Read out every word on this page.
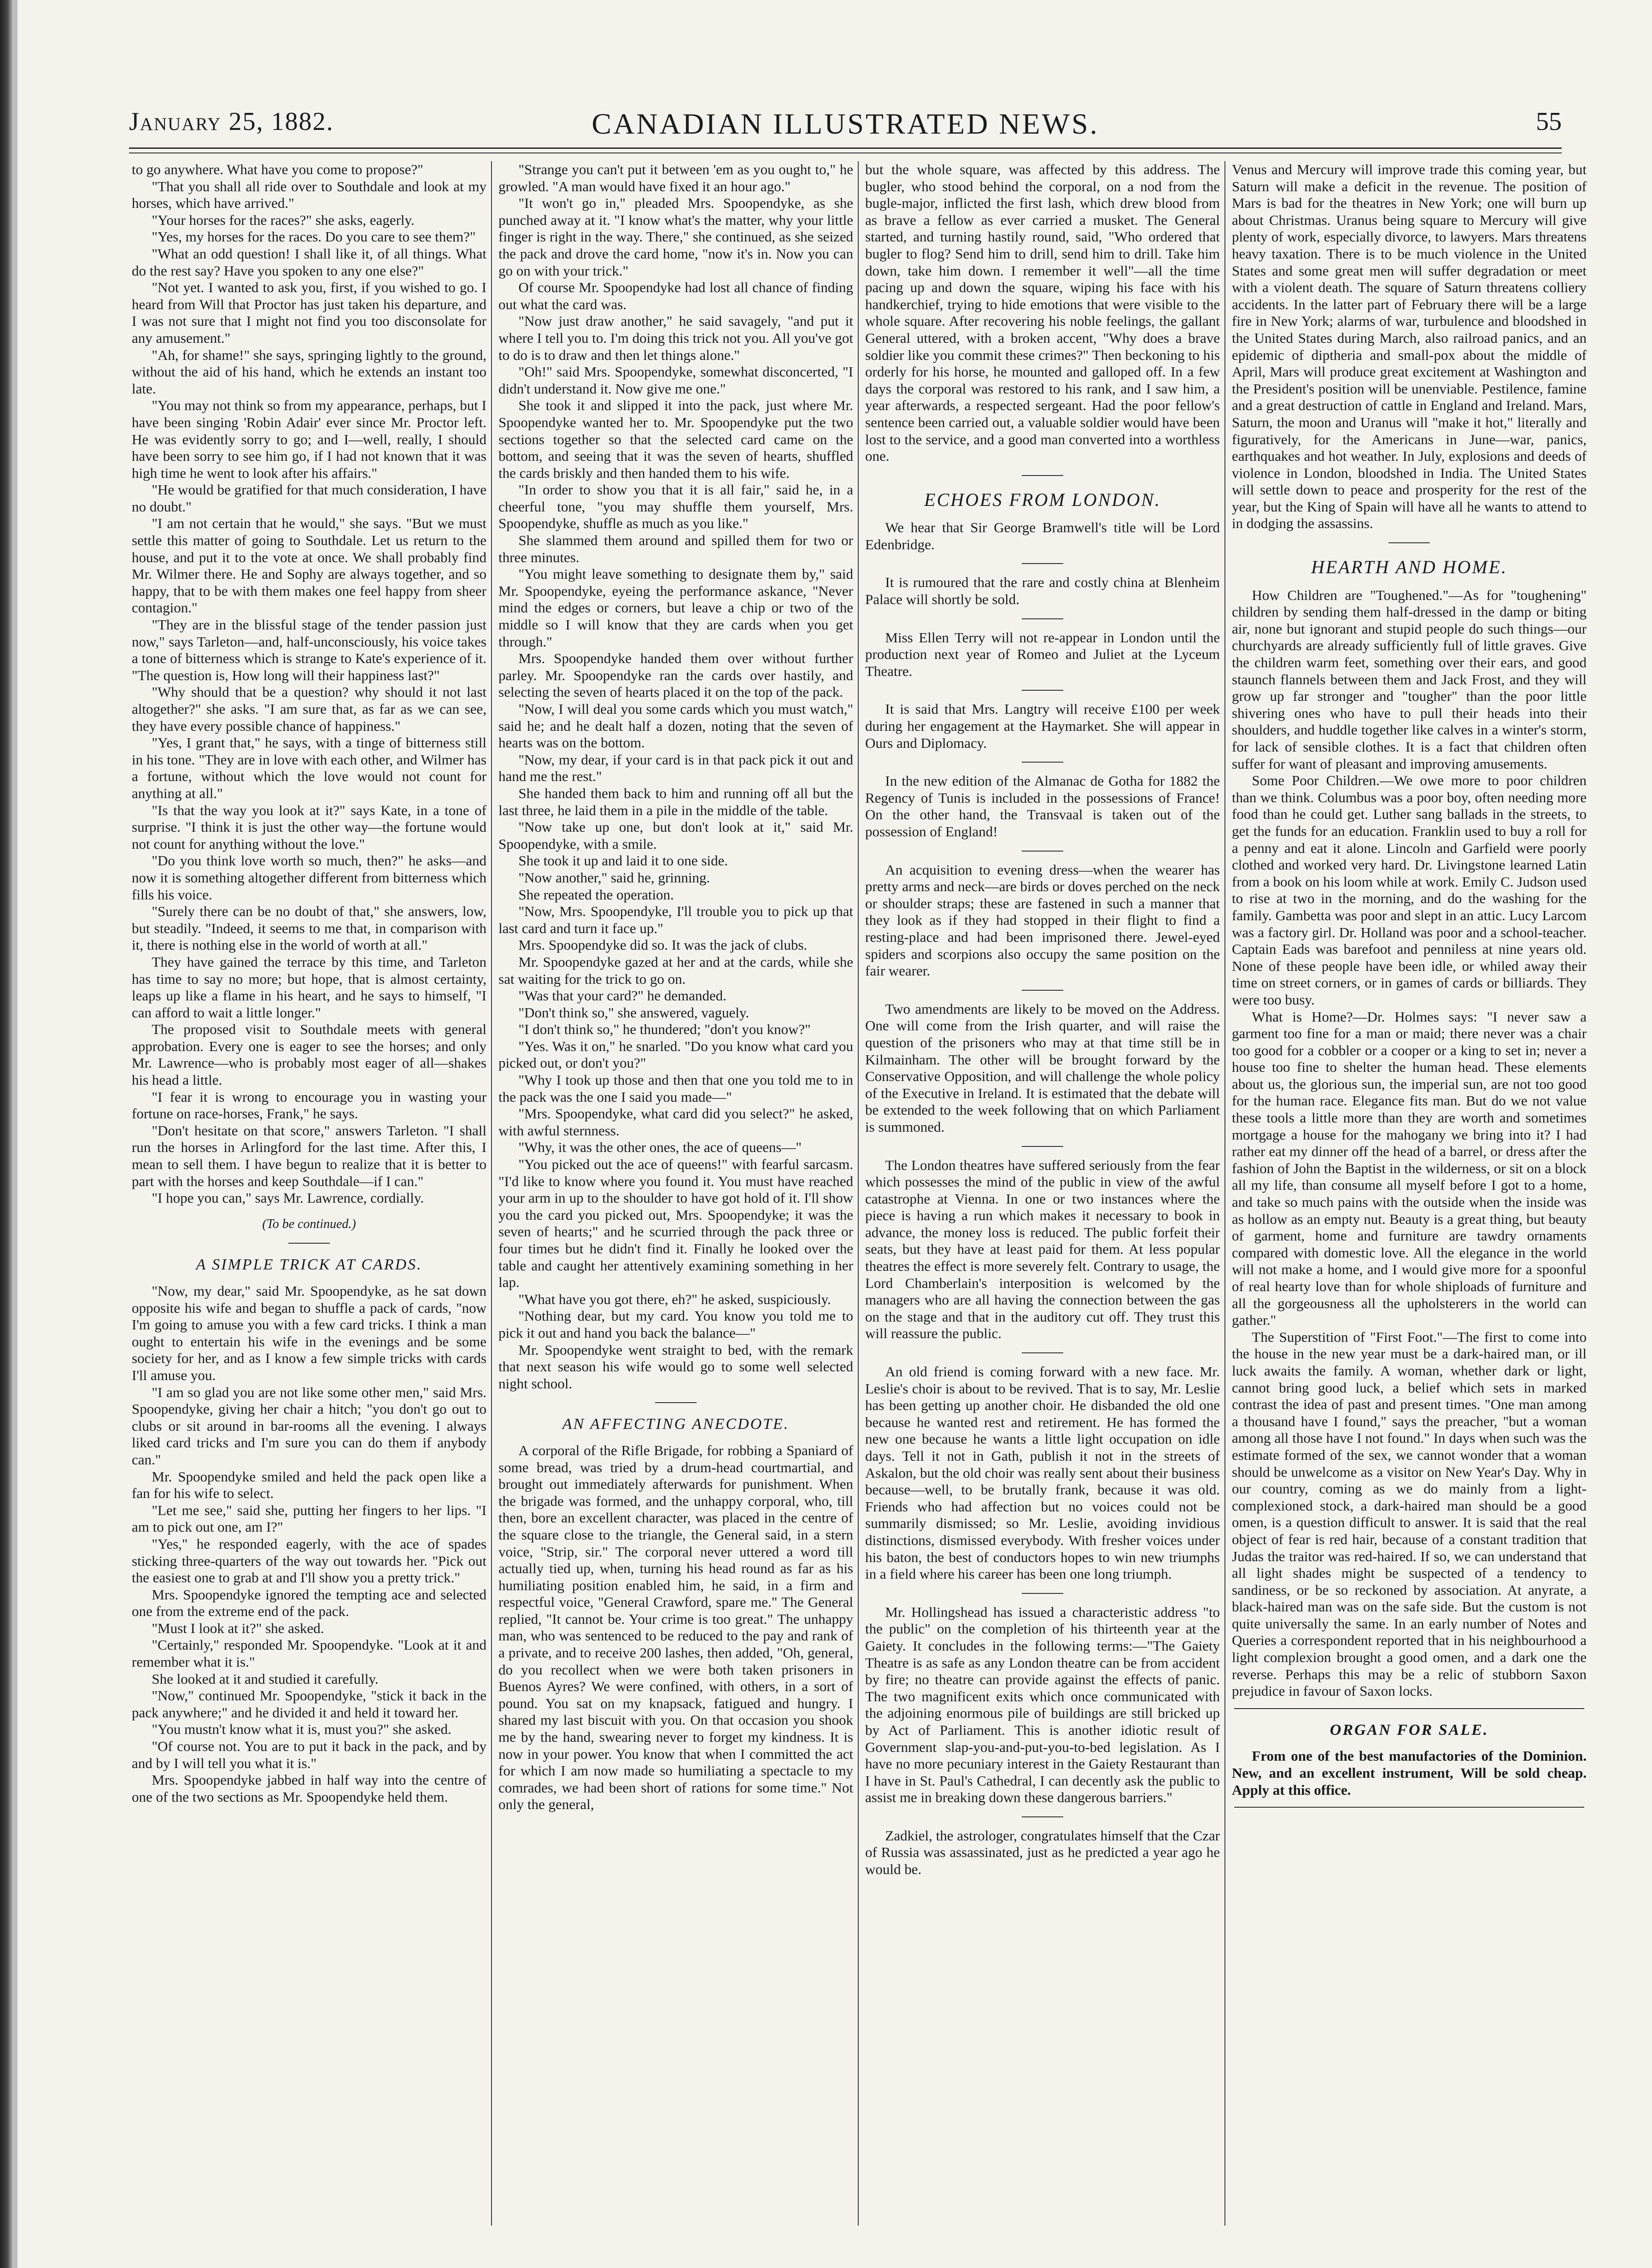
CANADIAN ILLUSTRATED NEWS.
January 25, 1882.	55

to go anywhere. What have you come to propose?"

"That you shall all ride over to Southdale and look at my horses, which have arrived."

"Your horses for the races?" she asks, eagerly.

"Yes, my horses for the races. Do you care to see them?"

"What an odd question! I shall like it, of all things. What do the rest say? Have you spoken to any one else?"

"Not yet. I wanted to ask you, first, if you wished to go. I heard from Will that Proctor has just taken his departure, and I was not sure that I might not find you too disconsolate for any amusement."

"Ah, for shame!" she says, springing lightly to the ground, without the aid of his hand, which he extends an instant too late.

"You may not think so from my appearance, perhaps, but I have been singing 'Robin Adair' ever since Mr. Proctor left. He was evidently sorry to go; and I—well, really, I should have been sorry to see him go, if I had not known that it was high time he went to look after his affairs."

"He would be gratified for that much consideration, I have no doubt."

"I am not certain that he would," she says. "But we must settle this matter of going to Southdale. Let us return to the house, and put it to the vote at once. We shall probably find Mr. Wilmer there. He and Sophy are always together, and so happy, that to be with them makes one feel happy from sheer contagion."

"They are in the blissful stage of the tender passion just now," says Tarleton—and, half-unconsciously, his voice takes a tone of bitterness which is strange to Kate's experience of it. "The question is, How long will their happiness last?"

"Why should that be a question? why should it not last altogether?" she asks. "I am sure that, as far as we can see, they have every possible chance of happiness."

"Yes, I grant that," he says, with a tinge of bitterness still in his tone. "They are in love with each other, and Wilmer has a fortune, without which the love would not count for anything at all."

"Is that the way you look at it?" says Kate, in a tone of surprise. "I think it is just the other way—the fortune would not count for anything without the love."

"Do you think love worth so much, then?" he asks—and now it is something altogether different from bitterness which fills his voice.

"Surely there can be no doubt of that," she answers, low, but steadily. "Indeed, it seems to me that, in comparison with it, there is nothing else in the world of worth at all."

They have gained the terrace by this time, and Tarleton has time to say no more; but hope, that is almost certainty, leaps up like a flame in his heart, and he says to himself, "I can afford to wait a little longer."

The proposed visit to Southdale meets with general approbation. Every one is eager to see the horses; and only Mr. Lawrence—who is probably most eager of all—shakes his head a little.

"I fear it is wrong to encourage you in wasting your fortune on race-horses, Frank," he says.

"Don't hesitate on that score," answers Tarleton. "I shall run the horses in Arlingford for the last time. After this, I mean to sell them. I have begun to realize that it is better to part with the horses and keep Southdale—if I can."

"I hope you can," says Mr. Lawrence, cordially.

(To be continued.)
A SIMPLE TRICK AT CARDS.

"Now, my dear," said Mr. Spoopendyke, as he sat down opposite his wife and began to shuffle a pack of cards, "now I'm going to amuse you with a few card tricks. I think a man ought to entertain his wife in the evenings and be some society for her, and as I know a few simple tricks with cards I'll amuse you.

"I am so glad you are not like some other men," said Mrs. Spoopendyke, giving her chair a hitch; "you don't go out to clubs or sit around in bar-rooms all the evening. I always liked card tricks and I'm sure you can do them if anybody can."

Mr. Spoopendyke smiled and held the pack open like a fan for his wife to select.

"Let me see," said she, putting her fingers to her lips. "I am to pick out one, am I?"

"Yes," he responded eagerly, with the ace of spades sticking three-quarters of the way out towards her. "Pick out the easiest one to grab at and I'll show you a pretty trick."

Mrs. Spoopendyke ignored the tempting ace and selected one from the extreme end of the pack.

"Must I look at it?" she asked.

"Certainly," responded Mr. Spoopendyke. "Look at it and remember what it is."

She looked at it and studied it carefully.

"Now," continued Mr. Spoopendyke, "stick it back in the pack anywhere;" and he divided it and held it toward her.

"You mustn't know what it is, must you?" she asked.

"Of course not. You are to put it back in the pack, and by and by I will tell you what it is."

Mrs. Spoopendyke jabbed in half way into the centre of one of the two sections as Mr. Spoopendyke held them.

"Strange you can't put it between 'em as you ought to," he growled. "A man would have fixed it an hour ago."

"It won't go in," pleaded Mrs. Spoopendyke, as she punched away at it. "I know what's the matter, why your little finger is right in the way. There," she continued, as she seized the pack and drove the card home, "now it's in. Now you can go on with your trick."

Of course Mr. Spoopendyke had lost all chance of finding out what the card was.

"Now just draw another," he said savagely, "and put it where I tell you to. I'm doing this trick not you. All you've got to do is to draw and then let things alone."

"Oh!" said Mrs. Spoopendyke, somewhat disconcerted, "I didn't understand it. Now give me one."

She took it and slipped it into the pack, just where Mr. Spoopendyke wanted her to. Mr. Spoopendyke put the two sections together so that the selected card came on the bottom, and seeing that it was the seven of hearts, shuffled the cards briskly and then handed them to his wife.

"In order to show you that it is all fair," said he, in a cheerful tone, "you may shuffle them yourself, Mrs. Spoopendyke, shuffle as much as you like."

She slammed them around and spilled them for two or three minutes.

"You might leave something to designate them by," said Mr. Spoopendyke, eyeing the performance askance, "Never mind the edges or corners, but leave a chip or two of the middle so I will know that they are cards when you get through."

Mrs. Spoopendyke handed them over without further parley. Mr. Spoopendyke ran the cards over hastily, and selecting the seven of hearts placed it on the top of the pack.

"Now, I will deal you some cards which you must watch," said he; and he dealt half a dozen, noting that the seven of hearts was on the bottom.

"Now, my dear, if your card is in that pack pick it out and hand me the rest."

She handed them back to him and running off all but the last three, he laid them in a pile in the middle of the table.

"Now take up one, but don't look at it," said Mr. Spoopendyke, with a smile.

She took it up and laid it to one side.

"Now another," said he, grinning.

She repeated the operation.

"Now, Mrs. Spoopendyke, I'll trouble you to pick up that last card and turn it face up."

Mrs. Spoopendyke did so. It was the jack of clubs.

Mr. Spoopendyke gazed at her and at the cards, while she sat waiting for the trick to go on.

"Was that your card?" he demanded.

"Don't think so," she answered, vaguely.

"I don't think so," he thundered; "don't you know?"

"Yes. Was it on," he snarled. "Do you know what card you picked out, or don't you?"

"Why I took up those and then that one you told me to in the pack was the one I said you made—"

"Mrs. Spoopendyke, what card did you select?" he asked, with awful sternness.

"Why, it was the other ones, the ace of queens—"

"You picked out the ace of queens!" with fearful sarcasm. "I'd like to know where you found it. You must have reached your arm in up to the shoulder to have got hold of it. I'll show you the card you picked out, Mrs. Spoopendyke; it was the seven of hearts;" and he scurried through the pack three or four times but he didn't find it. Finally he looked over the table and caught her attentively examining something in her lap.

"What have you got there, eh?" he asked, suspiciously.

"Nothing dear, but my card. You know you told me to pick it out and hand you back the balance—"

Mr. Spoopendyke went straight to bed, with the remark that next season his wife would go to some well selected night school.

AN AFFECTING ANECDOTE.

A corporal of the Rifle Brigade, for robbing a Spaniard of some bread, was tried by a drum-head courtmartial, and brought out immediately afterwards for punishment. When the brigade was formed, and the unhappy corporal, who, till then, bore an excellent character, was placed in the centre of the square close to the triangle, the General said, in a stern voice, "Strip, sir." The corporal never uttered a word till actually tied up, when, turning his head round as far as his humiliating position enabled him, he said, in a firm and respectful voice, "General Crawford, spare me." The General replied, "It cannot be. Your crime is too great." The unhappy man, who was sentenced to be reduced to the pay and rank of a private, and to receive 200 lashes, then added, "Oh, general, do you recollect when we were both taken prisoners in Buenos Ayres? We were confined, with others, in a sort of pound. You sat on my knapsack, fatigued and hungry. I shared my last biscuit with you. On that occasion you shook me by the hand, swearing never to forget my kindness. It is now in your power. You know that when I committed the act for which I am now made so humiliating a spectacle to my comrades, we had been short of rations for some time." Not only the general,

but the whole square, was affected by this address. The bugler, who stood behind the corporal, on a nod from the bugle-major, inflicted the first lash, which drew blood from as brave a fellow as ever carried a musket. The General started, and turning hastily round, said, "Who ordered that bugler to flog? Send him to drill, send him to drill. Take him down, take him down. I remember it well"—all the time pacing up and down the square, wiping his face with his handkerchief, trying to hide emotions that were visible to the whole square. After recovering his noble feelings, the gallant General uttered, with a broken accent, "Why does a brave soldier like you commit these crimes?" Then beckoning to his orderly for his horse, he mounted and galloped off. In a few days the corporal was restored to his rank, and I saw him, a year afterwards, a respected sergeant. Had the poor fellow's sentence been carried out, a valuable soldier would have been lost to the service, and a good man converted into a worthless one.

ECHOES FROM LONDON.

We hear that Sir George Bramwell's title will be Lord Edenbridge.

It is rumoured that the rare and costly china at Blenheim Palace will shortly be sold.

Miss Ellen Terry will not re-appear in London until the production next year of Romeo and Juliet at the Lyceum Theatre.

It is said that Mrs. Langtry will receive £100 per week during her engagement at the Haymarket. She will appear in Ours and Diplomacy.

In the new edition of the Almanac de Gotha for 1882 the Regency of Tunis is included in the possessions of France! On the other hand, the Transvaal is taken out of the possession of England!

An acquisition to evening dress—when the wearer has pretty arms and neck—are birds or doves perched on the neck or shoulder straps; these are fastened in such a manner that they look as if they had stopped in their flight to find a resting-place and had been imprisoned there. Jewel-eyed spiders and scorpions also occupy the same position on the fair wearer.

Two amendments are likely to be moved on the Address. One will come from the Irish quarter, and will raise the question of the prisoners who may at that time still be in Kilmainham. The other will be brought forward by the Conservative Opposition, and will challenge the whole policy of the Executive in Ireland. It is estimated that the debate will be extended to the week following that on which Parliament is summoned.

The London theatres have suffered seriously from the fear which possesses the mind of the public in view of the awful catastrophe at Vienna. In one or two instances where the piece is having a run which makes it necessary to book in advance, the money loss is reduced. The public forfeit their seats, but they have at least paid for them. At less popular theatres the effect is more severely felt. Contrary to usage, the Lord Chamberlain's interposition is welcomed by the managers who are all having the connection between the gas on the stage and that in the auditory cut off. They trust this will reassure the public.

An old friend is coming forward with a new face. Mr. Leslie's choir is about to be revived. That is to say, Mr. Leslie has been getting up another choir. He disbanded the old one because he wanted rest and retirement. He has formed the new one because he wants a little light occupation on idle days. Tell it not in Gath, publish it not in the streets of Askalon, but the old choir was really sent about their business because—well, to be brutally frank, because it was old. Friends who had affection but no voices could not be summarily dismissed; so Mr. Leslie, avoiding invidious distinctions, dismissed everybody. With fresher voices under his baton, the best of conductors hopes to win new triumphs in a field where his career has been one long triumph.

Mr. Hollingshead has issued a characteristic address "to the public" on the completion of his thirteenth year at the Gaiety. It concludes in the following terms:—"The Gaiety Theatre is as safe as any London theatre can be from accident by fire; no theatre can provide against the effects of panic. The two magnificent exits which once communicated with the adjoining enormous pile of buildings are still bricked up by Act of Parliament. This is another idiotic result of Government slap-you-and-put-you-to-bed legislation. As I have no more pecuniary interest in the Gaiety Restaurant than I have in St. Paul's Cathedral, I can decently ask the public to assist me in breaking down these dangerous barriers."

Zadkiel, the astrologer, congratulates himself that the Czar of Russia was assassinated, just as he predicted a year ago he would be.

Venus and Mercury will improve trade this coming year, but Saturn will make a deficit in the revenue. The position of Mars is bad for the theatres in New York; one will burn up about Christmas. Uranus being square to Mercury will give plenty of work, especially divorce, to lawyers. Mars threatens heavy taxation. There is to be much violence in the United States and some great men will suffer degradation or meet with a violent death. The square of Saturn threatens colliery accidents. In the latter part of February there will be a large fire in New York; alarms of war, turbulence and bloodshed in the United States during March, also railroad panics, and an epidemic of diptheria and small-pox about the middle of April, Mars will produce great excitement at Washington and the President's position will be unenviable. Pestilence, famine and a great destruction of cattle in England and Ireland. Mars, Saturn, the moon and Uranus will "make it hot," literally and figuratively, for the Americans in June—war, panics, earthquakes and hot weather. In July, explosions and deeds of violence in London, bloodshed in India. The United States will settle down to peace and prosperity for the rest of the year, but the King of Spain will have all he wants to attend to in dodging the assassins.

HEARTH AND HOME.

How Children are "Toughened."—As for "toughening" children by sending them half-dressed in the damp or biting air, none but ignorant and stupid people do such things—our churchyards are already sufficiently full of little graves. Give the children warm feet, something over their ears, and good staunch flannels between them and Jack Frost, and they will grow up far stronger and "tougher" than the poor little shivering ones who have to pull their heads into their shoulders, and huddle together like calves in a winter's storm, for lack of sensible clothes. It is a fact that children often suffer for want of pleasant and improving amusements.

Some Poor Children.—We owe more to poor children than we think. Columbus was a poor boy, often needing more food than he could get. Luther sang ballads in the streets, to get the funds for an education. Franklin used to buy a roll for a penny and eat it alone. Lincoln and Garfield were poorly clothed and worked very hard. Dr. Livingstone learned Latin from a book on his loom while at work. Emily C. Judson used to rise at two in the morning, and do the washing for the family. Gambetta was poor and slept in an attic. Lucy Larcom was a factory girl. Dr. Holland was poor and a school-teacher. Captain Eads was barefoot and penniless at nine years old. None of these people have been idle, or whiled away their time on street corners, or in games of cards or billiards. They were too busy.

What is Home?—Dr. Holmes says: "I never saw a garment too fine for a man or maid; there never was a chair too good for a cobbler or a cooper or a king to set in; never a house too fine to shelter the human head. These elements about us, the glorious sun, the imperial sun, are not too good for the human race. Elegance fits man. But do we not value these tools a little more than they are worth and sometimes mortgage a house for the mahogany we bring into it? I had rather eat my dinner off the head of a barrel, or dress after the fashion of John the Baptist in the wilderness, or sit on a block all my life, than consume all myself before I got to a home, and take so much pains with the outside when the inside was as hollow as an empty nut. Beauty is a great thing, but beauty of garment, home and furniture are tawdry ornaments compared with domestic love. All the elegance in the world will not make a home, and I would give more for a spoonful of real hearty love than for whole shiploads of furniture and all the gorgeousness all the upholsterers in the world can gather."

The Superstition of "First Foot."—The first to come into the house in the new year must be a dark-haired man, or ill luck awaits the family. A woman, whether dark or light, cannot bring good luck, a belief which sets in marked contrast the idea of past and present times. "One man among a thousand have I found," says the preacher, "but a woman among all those have I not found." In days when such was the estimate formed of the sex, we cannot wonder that a woman should be unwelcome as a visitor on New Year's Day. Why in our country, coming as we do mainly from a light-complexioned stock, a dark-haired man should be a good omen, is a question difficult to answer. It is said that the real object of fear is red hair, because of a constant tradition that Judas the traitor was red-haired. If so, we can understand that all light shades might be suspected of a tendency to sandiness, or be so reckoned by association. At anyrate, a black-haired man was on the safe side. But the custom is not quite universally the same. In an early number of Notes and Queries a correspondent reported that in his neighbourhood a light complexion brought a good omen, and a dark one the reverse. Perhaps this may be a relic of stubborn Saxon prejudice in favour of Saxon locks.

ORGAN FOR SALE.

From one of the best manufactories of the Dominion. New, and an excellent instrument, Will be sold cheap. Apply at this office.
